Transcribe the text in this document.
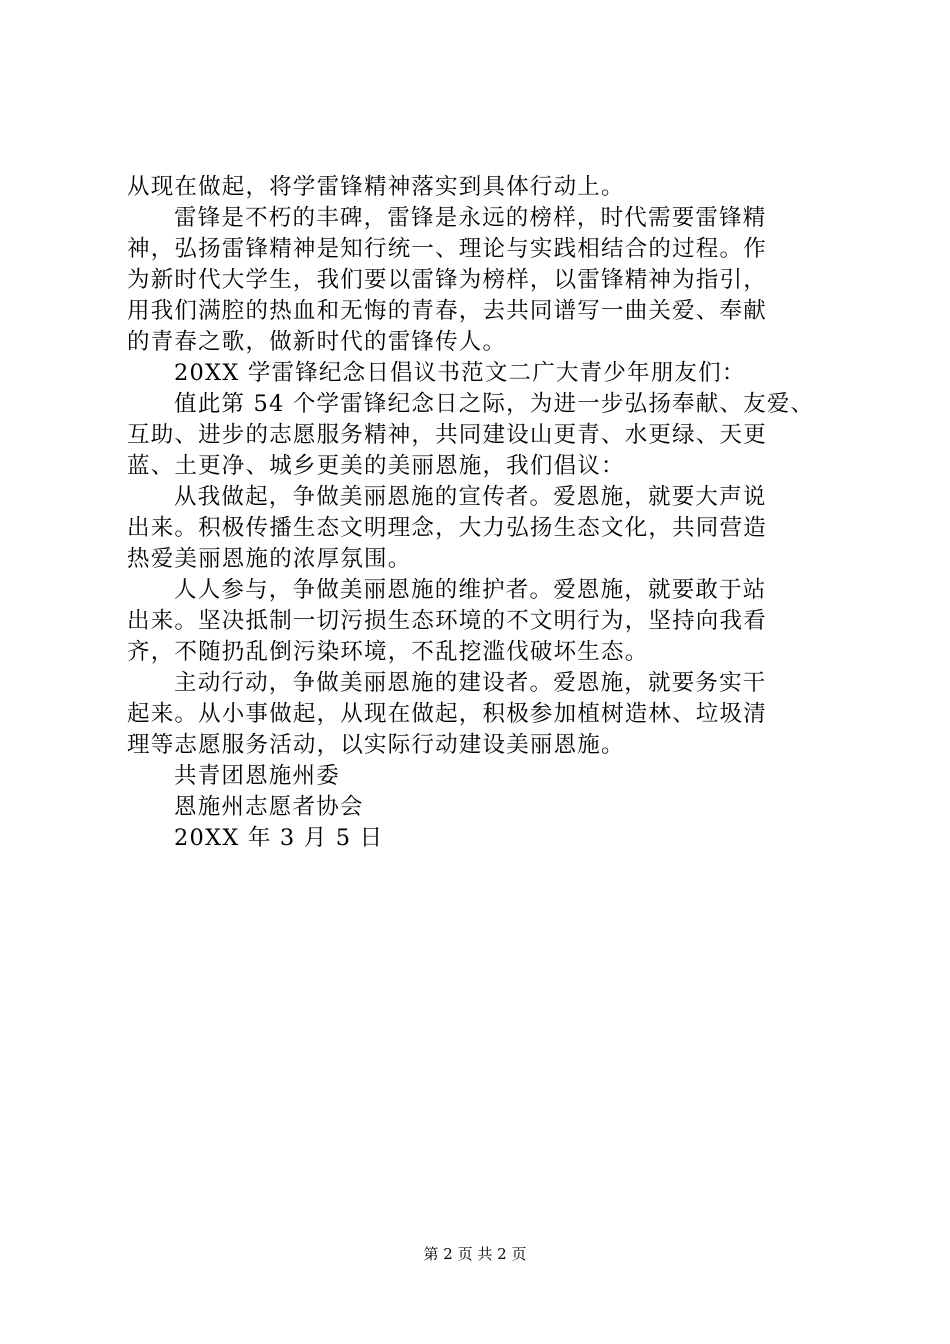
从现在做起，将学雷锋精神落实到具体行动上。
雷锋是不朽的丰碑，雷锋是永远的榜样，时代需要雷锋精
神，弘扬雷锋精神是知行统一、理论与实践相结合的过程。作
为新时代大学生，我们要以雷锋为榜样，以雷锋精神为指引，
用我们满腔的热血和无悔的青春，去共同谱写一曲关爱、奉献
的青春之歌，做新时代的雷锋传人。
20XX 学雷锋纪念日倡议书范文二广大青少年朋友们：
值此第 54 个学雷锋纪念日之际，为进一步弘扬奉献、友爱、
互助、进步的志愿服务精神，共同建设山更青、水更绿、天更
蓝、土更净、城乡更美的美丽恩施，我们倡议：
从我做起，争做美丽恩施的宣传者。爱恩施，就要大声说
出来。积极传播生态文明理念，大力弘扬生态文化，共同营造
热爱美丽恩施的浓厚氛围。
人人参与，争做美丽恩施的维护者。爱恩施，就要敢于站
出来。坚决抵制一切污损生态环境的不文明行为，坚持向我看
齐，不随扔乱倒污染环境，不乱挖滥伐破坏生态。
主动行动，争做美丽恩施的建设者。爱恩施，就要务实干
起来。从小事做起，从现在做起，积极参加植树造林、垃圾清
理等志愿服务活动，以实际行动建设美丽恩施。
共青团恩施州委
恩施州志愿者协会
20XX 年 3 月 5 日
第 2 页 共 2 页
